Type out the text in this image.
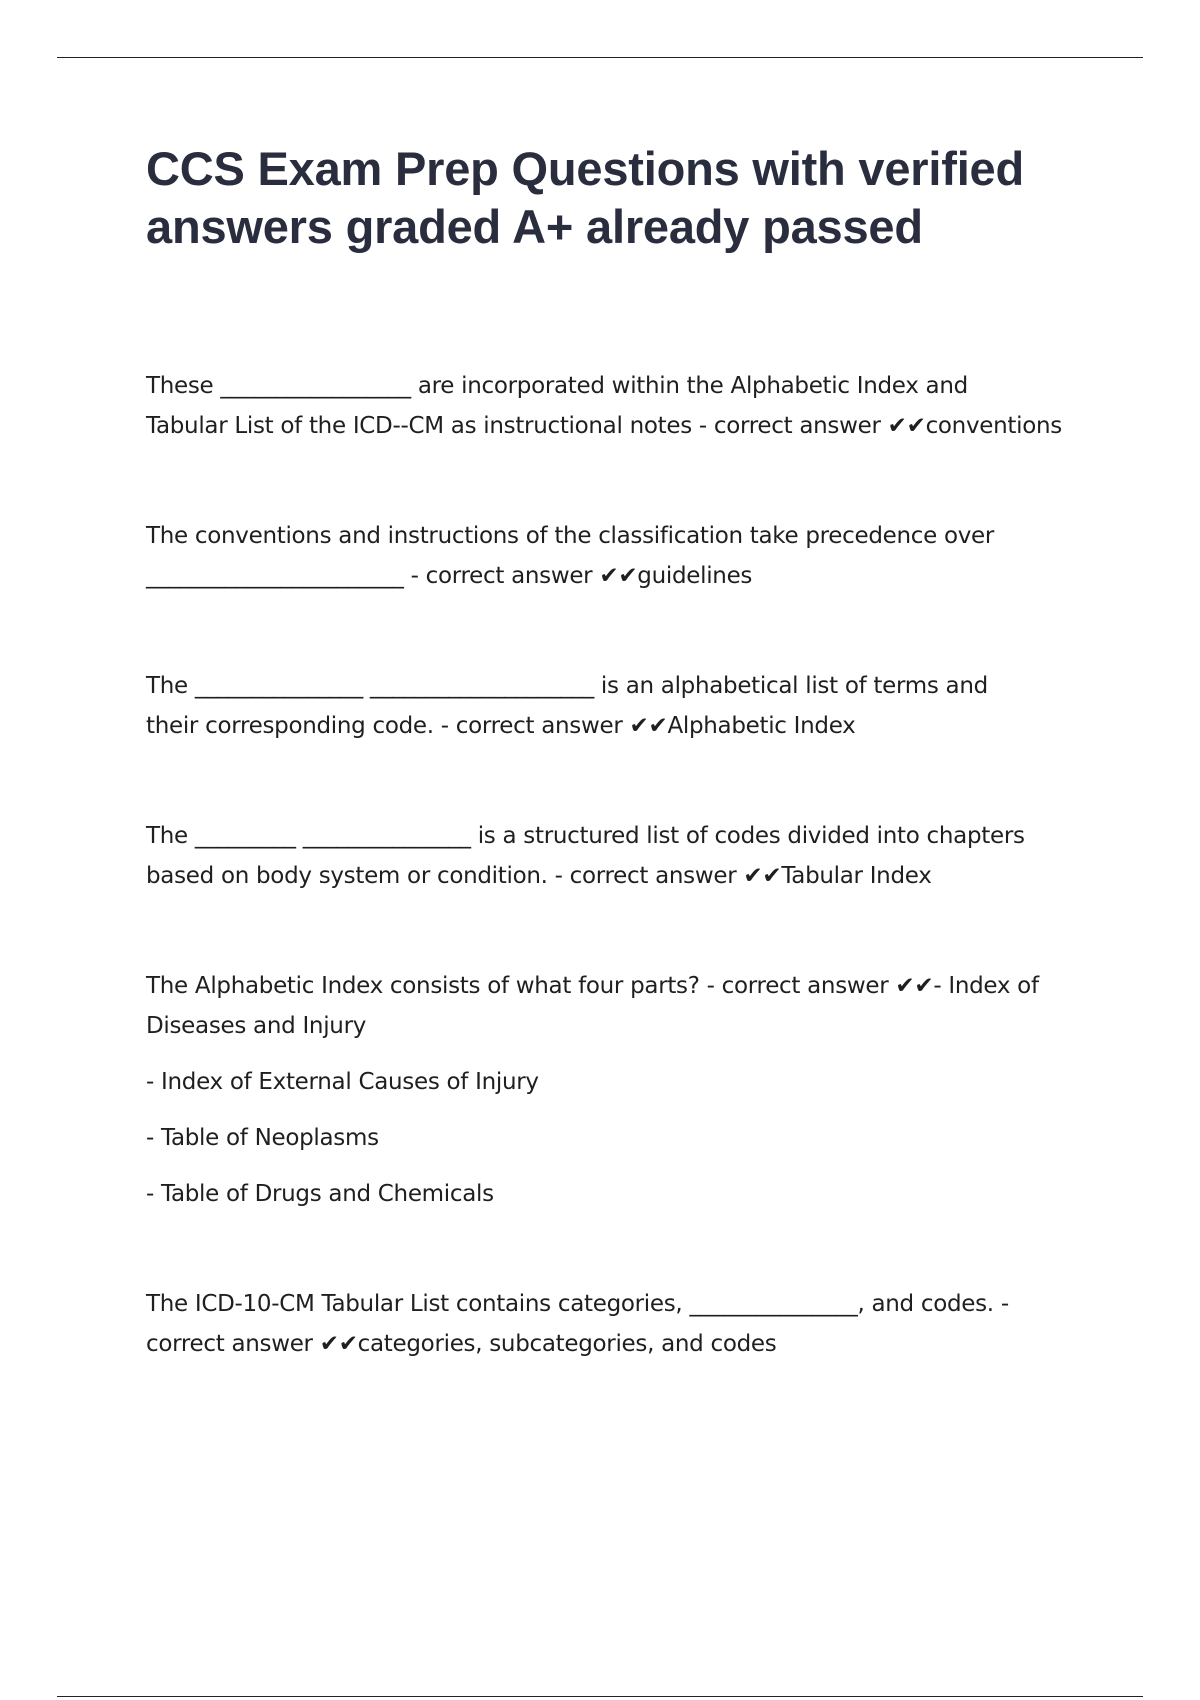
CCS Exam Prep Questions with verified
answers graded A+ already passed
These _________________ are incorporated within the Alphabetic Index and
Tabular List of the ICD--CM as instructional notes - correct answer ✔✔conventions
The conventions and instructions of the classification take precedence over
_______________________ - correct answer ✔✔guidelines
The _______________ ____________________ is an alphabetical list of terms and
their corresponding code. - correct answer ✔✔Alphabetic Index
The _________ _______________ is a structured list of codes divided into chapters
based on body system or condition. - correct answer ✔✔Tabular Index
The Alphabetic Index consists of what four parts? - correct answer ✔✔- Index of
Diseases and Injury
- Index of External Causes of Injury
- Table of Neoplasms
- Table of Drugs and Chemicals
The ICD-10-CM Tabular List contains categories, _______________, and codes. -
correct answer ✔✔categories, subcategories, and codes
